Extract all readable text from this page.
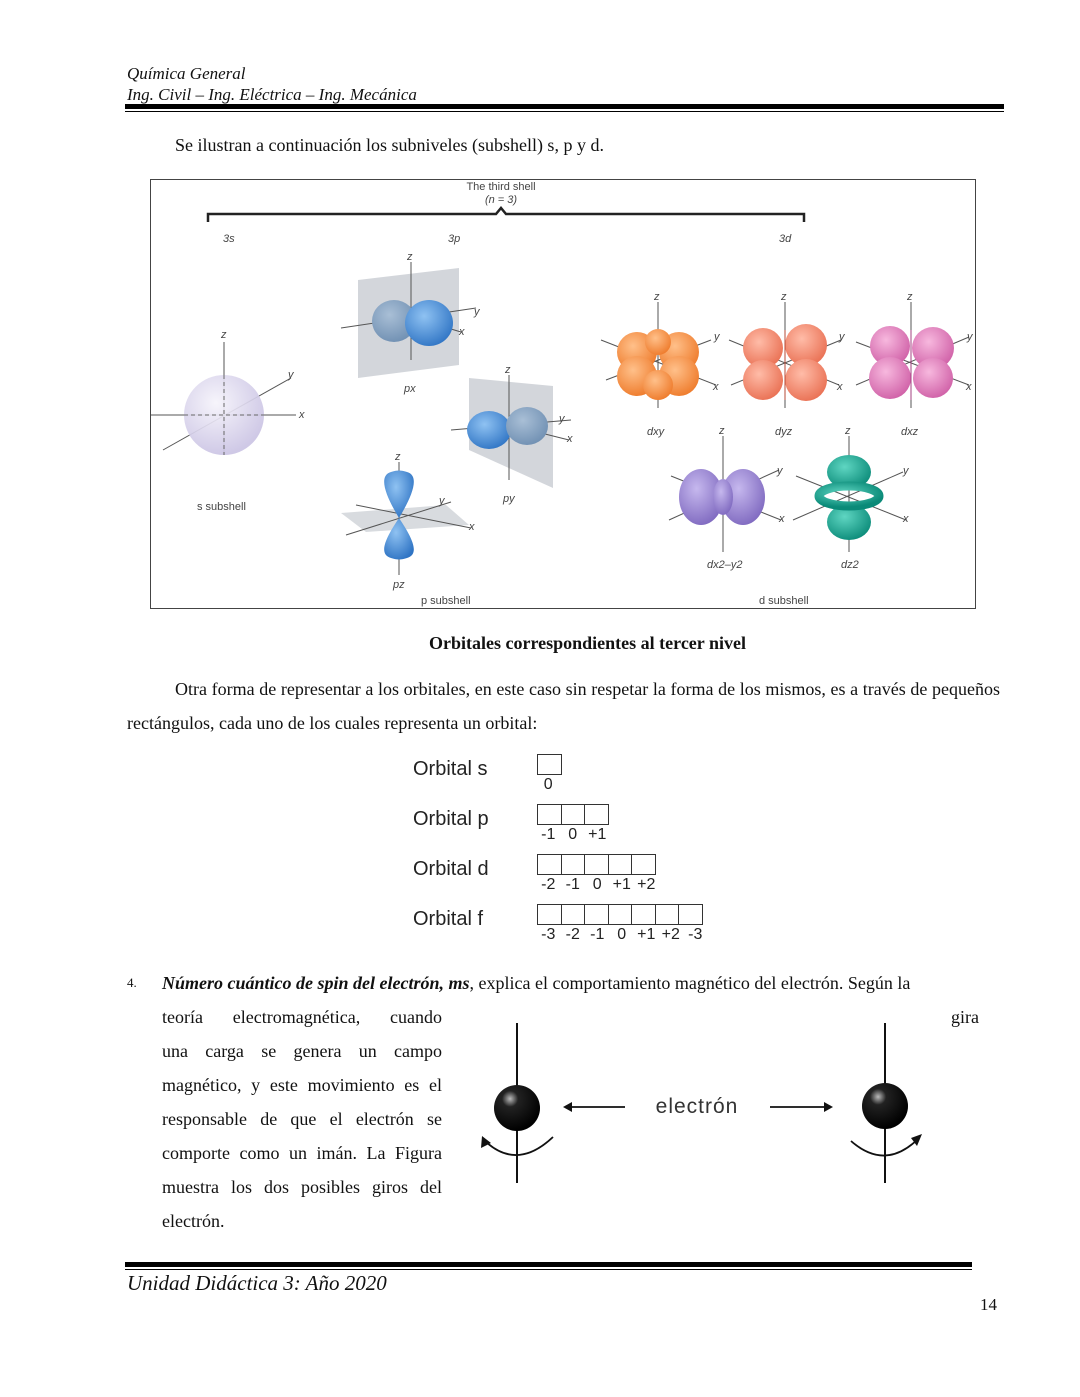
Química General
Ing. Civil – Ing. Eléctrica – Ing. Mecánica
Se ilustran a continuación los subniveles (subshell) s, p y d.
The third shell
(n = 3)
3s	3p	3d
z
x
y
s subshell
z
y
x
px
z
y
x
py
z
y
x
pz
p subshell
z
y
x
dxy
z
y
x
dyz
z
y
x
dxz
z
y
x
dx2–y2
z
y
x
dz2
d subshell
Orbitales correspondientes al tercer nivel
Otra forma de representar a los orbitales, en este caso sin respetar la forma de los mismos, es a través de pequeños rectángulos, cada uno de los cuales representa un orbital:
Orbital s
0
Orbital p
-1 0 +1
Orbital d
-2 -1 0 +1 +2
Orbital f
-3 -2 -1 0 +1 +2 -3
4. Número cuántico de spin del electrón, ms, explica el comportamiento magnético del electrón. Según la
teoría electromagnética, cuando
una carga se genera un campo
magnético, y este movimiento es el
responsable de que el electrón se
comporte como un imán. La Figura
muestra los dos posibles giros del
electrón.
gira
electrón
Unidad Didáctica 3: Año 2020
14
